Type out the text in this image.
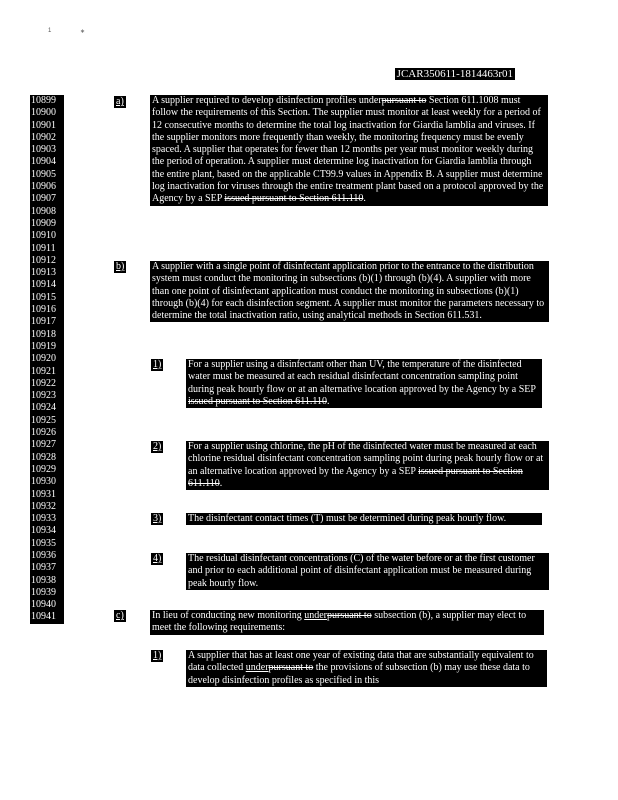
1	∗
JCAR350611-1814463r01
10899
10900
10901
10902
10903
10904
10905
10906
10907
10908
10909
10910
10911
10912
10913
10914
10915
10916
10917
10918
10919
10920
10921
10922
10923
10924
10925
10926
10927
10928
10929
10930
10931
10932
10933
10934
10935
10936
10937
10938
10939
10940
10941
a)	A supplier required to develop disinfection profiles underpursuant to Section 611.1008 must follow the requirements of this Section. The supplier must monitor at least weekly for a period of 12 consecutive months to determine the total log inactivation for Giardia lamblia and viruses. If the supplier monitors more frequently than weekly, the monitoring frequency must be evenly spaced. A supplier that operates for fewer than 12 months per year must monitor weekly during the period of operation. A supplier must determine log inactivation for Giardia lamblia through the entire plant, based on the applicable CT99.9 values in Appendix B. A supplier must determine log inactivation for viruses through the entire treatment plant based on a protocol approved by the Agency by a SEP issued pursuant to Section 611.110.
b)	A supplier with a single point of disinfectant application prior to the entrance to the distribution system must conduct the monitoring in subsections (b)(1) through (b)(4). A supplier with more than one point of disinfectant application must conduct the monitoring in subsections (b)(1) through (b)(4) for each disinfection segment. A supplier must monitor the parameters necessary to determine the total inactivation ratio, using analytical methods in Section 611.531.
1)	For a supplier using a disinfectant other than UV, the temperature of the disinfected water must be measured at each residual disinfectant concentration sampling point during peak hourly flow or at an alternative location approved by the Agency by a SEP issued pursuant to Section 611.110.
2)	For a supplier using chlorine, the pH of the disinfected water must be measured at each chlorine residual disinfectant concentration sampling point during peak hourly flow or at an alternative location approved by the Agency by a SEP issued pursuant to Section 611.110.
3)	The disinfectant contact times (T) must be determined during peak hourly flow.
4)	The residual disinfectant concentrations (C) of the water before or at the first customer and prior to each additional point of disinfectant application must be measured during peak hourly flow.
c)	In lieu of conducting new monitoring underpursuant to subsection (b), a supplier may elect to meet the following requirements:
1)	A supplier that has at least one year of existing data that are substantially equivalent to data collected underpursuant to the provisions of subsection (b) may use these data to develop disinfection profiles as specified in this
